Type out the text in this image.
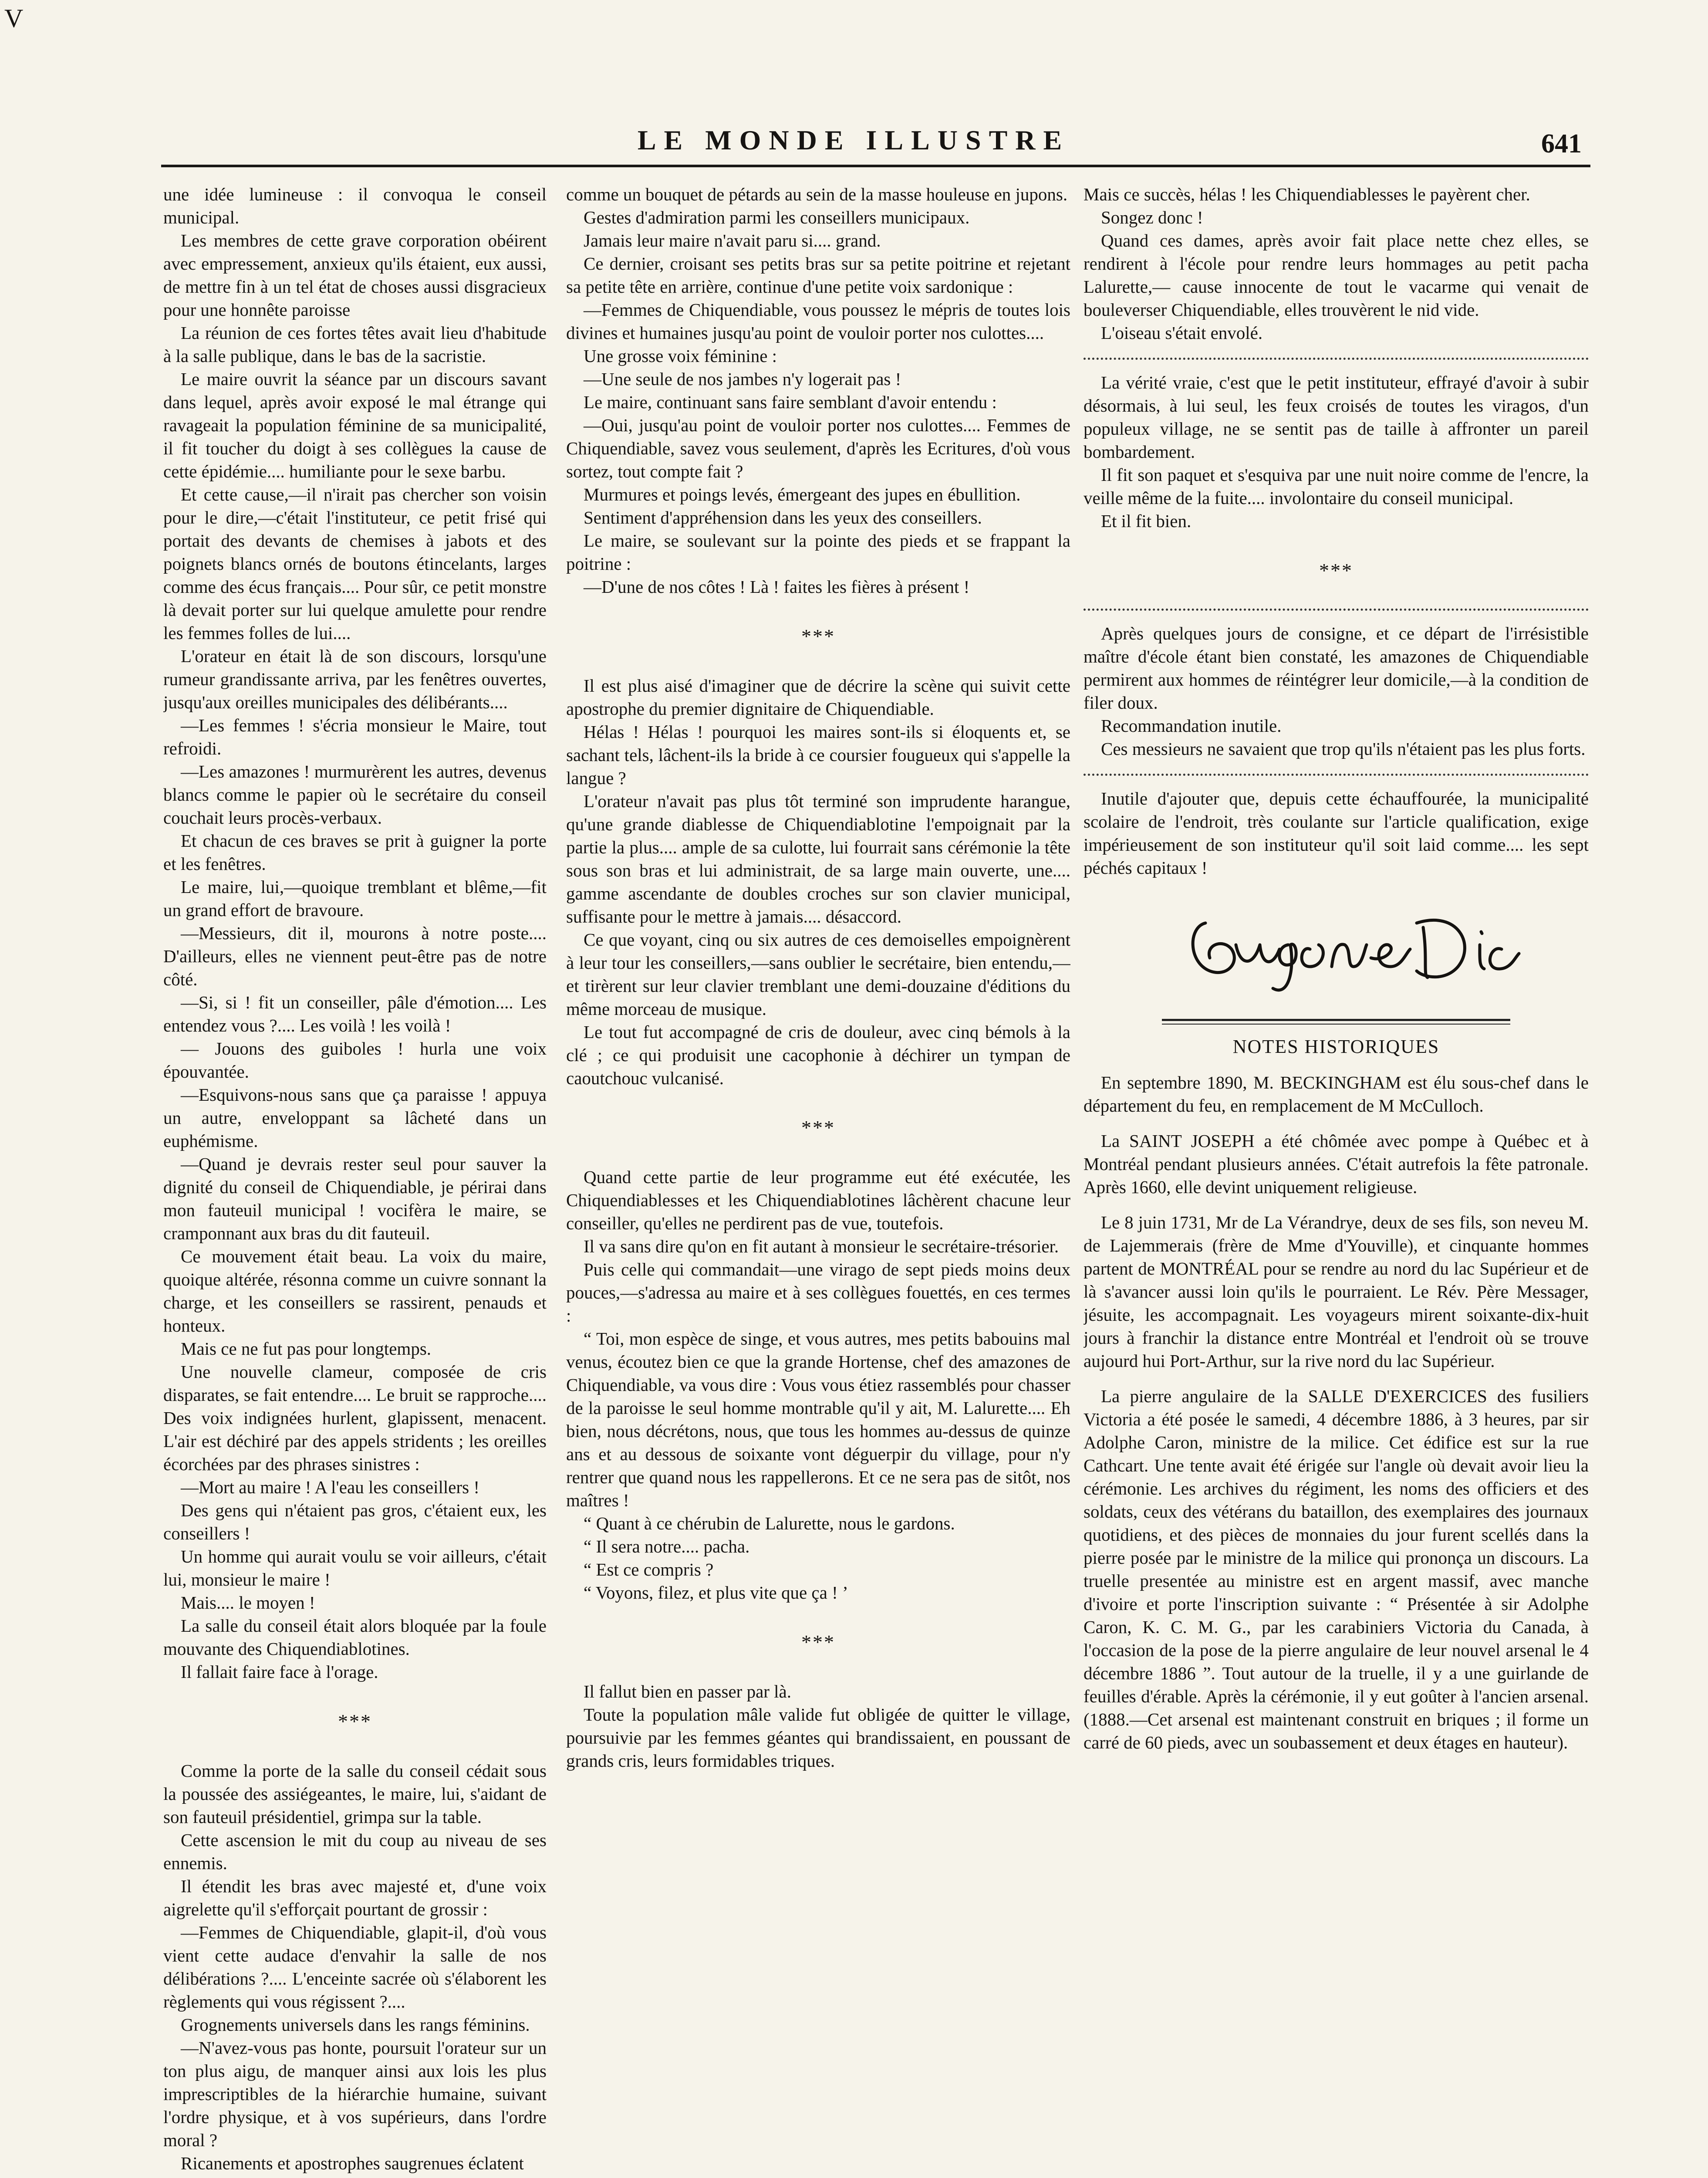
V
LE MONDE ILLUSTRE	641

une idée lumineuse : il convoqua le conseil municipal.

Les membres de cette grave corporation obéirent avec empressement, anxieux qu'ils étaient, eux aussi, de mettre fin à un tel état de choses aussi disgracieux pour une honnête paroisse

La réunion de ces fortes têtes avait lieu d'habitude à la salle publique, dans le bas de la sacristie.

Le maire ouvrit la séance par un discours savant dans lequel, après avoir exposé le mal étrange qui ravageait la population féminine de sa municipalité, il fit toucher du doigt à ses collègues la cause de cette épidémie.... humiliante pour le sexe barbu.

Et cette cause,—il n'irait pas chercher son voisin pour le dire,—c'était l'instituteur, ce petit frisé qui portait des devants de chemises à jabots et des poignets blancs ornés de boutons étincelants, larges comme des écus français.... Pour sûr, ce petit monstre là devait porter sur lui quelque amulette pour rendre les femmes folles de lui....

L'orateur en était là de son discours, lorsqu'une rumeur grandissante arriva, par les fenêtres ouvertes, jusqu'aux oreilles municipales des délibérants....

—Les femmes ! s'écria monsieur le Maire, tout refroidi.

—Les amazones ! murmurèrent les autres, devenus blancs comme le papier où le secrétaire du conseil couchait leurs procès-verbaux.

Et chacun de ces braves se prit à guigner la porte et les fenêtres.

Le maire, lui,—quoique tremblant et blême,—fit un grand effort de bravoure.

—Messieurs, dit il, mourons à notre poste.... D'ailleurs, elles ne viennent peut-être pas de notre côté.

—Si, si ! fit un conseiller, pâle d'émotion.... Les entendez vous ?.... Les voilà ! les voilà !

— Jouons des guiboles ! hurla une voix épouvantée.

—Esquivons-nous sans que ça paraisse ! appuya un autre, enveloppant sa lâcheté dans un euphémisme.

—Quand je devrais rester seul pour sauver la dignité du conseil de Chiquendiable, je périrai dans mon fauteuil municipal ! vocifèra le maire, se cramponnant aux bras du dit fauteuil.

Ce mouvement était beau. La voix du maire, quoique altérée, résonna comme un cuivre sonnant la charge, et les conseillers se rassirent, penauds et honteux.

Mais ce ne fut pas pour longtemps.

Une nouvelle clameur, composée de cris disparates, se fait entendre.... Le bruit se rapproche.... Des voix indignées hurlent, glapissent, menacent. L'air est déchiré par des appels stridents ; les oreilles écorchées par des phrases sinistres :

—Mort au maire ! A l'eau les conseillers !

Des gens qui n'étaient pas gros, c'étaient eux, les conseillers !

Un homme qui aurait voulu se voir ailleurs, c'était lui, monsieur le maire !

Mais.... le moyen !

La salle du conseil était alors bloquée par la foule mouvante des Chiquendiablotines.

Il fallait faire face à l'orage.

***

Comme la porte de la salle du conseil cédait sous la poussée des assiégeantes, le maire, lui, s'aidant de son fauteuil présidentiel, grimpa sur la table.

Cette ascension le mit du coup au niveau de ses ennemis.

Il étendit les bras avec majesté et, d'une voix aigrelette qu'il s'efforçait pourtant de grossir :

—Femmes de Chiquendiable, glapit-il, d'où vous vient cette audace d'envahir la salle de nos délibérations ?.... L'enceinte sacrée où s'élaborent les règlements qui vous régissent ?....

Grognements universels dans les rangs féminins.

—N'avez-vous pas honte, poursuit l'orateur sur un ton plus aigu, de manquer ainsi aux lois les plus imprescriptibles de la hiérarchie humaine, suivant l'ordre physique, et à vos supérieurs, dans l'ordre moral ?

Ricanements et apostrophes saugrenues éclatent

comme un bouquet de pétards au sein de la masse houleuse en jupons.

Gestes d'admiration parmi les conseillers municipaux.

Jamais leur maire n'avait paru si.... grand.

Ce dernier, croisant ses petits bras sur sa petite poitrine et rejetant sa petite tête en arrière, continue d'une petite voix sardonique :

—Femmes de Chiquendiable, vous poussez le mépris de toutes lois divines et humaines jusqu'au point de vouloir porter nos culottes....

Une grosse voix féminine :

—Une seule de nos jambes n'y logerait pas !

Le maire, continuant sans faire semblant d'avoir entendu :

—Oui, jusqu'au point de vouloir porter nos culottes.... Femmes de Chiquendiable, savez vous seulement, d'après les Ecritures, d'où vous sortez, tout compte fait ?

Murmures et poings levés, émergeant des jupes en ébullition.

Sentiment d'appréhension dans les yeux des conseillers.

Le maire, se soulevant sur la pointe des pieds et se frappant la poitrine :

—D'une de nos côtes ! Là ! faites les fières à présent !

***

Il est plus aisé d'imaginer que de décrire la scène qui suivit cette apostrophe du premier dignitaire de Chiquendiable.

Hélas ! Hélas ! pourquoi les maires sont-ils si éloquents et, se sachant tels, lâchent-ils la bride à ce coursier fougueux qui s'appelle la langue ?

L'orateur n'avait pas plus tôt terminé son imprudente harangue, qu'une grande diablesse de Chiquendiablotine l'empoignait par la partie la plus.... ample de sa culotte, lui fourrait sans cérémonie la tête sous son bras et lui administrait, de sa large main ouverte, une.... gamme ascendante de doubles croches sur son clavier municipal, suffisante pour le mettre à jamais.... désaccord.

Ce que voyant, cinq ou six autres de ces demoiselles empoignèrent à leur tour les conseillers,—sans oublier le secrétaire, bien entendu,—et tirèrent sur leur clavier tremblant une demi-douzaine d'éditions du même morceau de musique.

Le tout fut accompagné de cris de douleur, avec cinq bémols à la clé ; ce qui produisit une cacophonie à déchirer un tympan de caoutchouc vulcanisé.

***

Quand cette partie de leur programme eut été exécutée, les Chiquendiablesses et les Chiquendiablotines lâchèrent chacune leur conseiller, qu'elles ne perdirent pas de vue, toutefois.

Il va sans dire qu'on en fit autant à monsieur le secrétaire-trésorier.

Puis celle qui commandait—une virago de sept pieds moins deux pouces,—s'adressa au maire et à ses collègues fouettés, en ces termes :

“ Toi, mon espèce de singe, et vous autres, mes petits babouins mal venus, écoutez bien ce que la grande Hortense, chef des amazones de Chiquendiable, va vous dire : Vous vous étiez rassemblés pour chasser de la paroisse le seul homme montrable qu'il y ait, M. Lalurette.... Eh bien, nous décrétons, nous, que tous les hommes au-dessus de quinze ans et au dessous de soixante vont déguerpir du village, pour n'y rentrer que quand nous les rappellerons. Et ce ne sera pas de sitôt, nos maîtres !

“ Quant à ce chérubin de Lalurette, nous le gardons.

“ Il sera notre.... pacha.

“ Est ce compris ?

“ Voyons, filez, et plus vite que ça ! ’

***

Il fallut bien en passer par là.

Toute la population mâle valide fut obligée de quitter le village, poursuivie par les femmes géantes qui brandissaient, en poussant de grands cris, leurs formidables triques.

Mais ce succès, hélas ! les Chiquendiablesses le payèrent cher.

Songez donc !

Quand ces dames, après avoir fait place nette chez elles, se rendirent à l'école pour rendre leurs hommages au petit pacha Lalurette,— cause innocente de tout le vacarme qui venait de bouleverser Chiquendiable, elles trouvèrent le nid vide.

L'oiseau s'était envolé.

La vérité vraie, c'est que le petit instituteur, effrayé d'avoir à subir désormais, à lui seul, les feux croisés de toutes les viragos, d'un populeux village, ne se sentit pas de taille à affronter un pareil bombardement.

Il fit son paquet et s'esquiva par une nuit noire comme de l'encre, la veille même de la fuite.... involontaire du conseil municipal.

Et il fit bien.

***

Après quelques jours de consigne, et ce départ de l'irrésistible maître d'école étant bien constaté, les amazones de Chiquendiable permirent aux hommes de réintégrer leur domicile,—à la condition de filer doux.

Recommandation inutile.

Ces messieurs ne savaient que trop qu'ils n'étaient pas les plus forts.

Inutile d'ajouter que, depuis cette échauffourée, la municipalité scolaire de l'endroit, très coulante sur l'article qualification, exige impérieusement de son instituteur qu'il soit laid comme.... les sept péchés capitaux !

NOTES HISTORIQUES

En septembre 1890, M. BECKINGHAM est élu sous-chef dans le département du feu, en remplacement de M McCulloch.

La SAINT JOSEPH a été chômée avec pompe à Québec et à Montréal pendant plusieurs années. C'était autrefois la fête patronale. Après 1660, elle devint uniquement religieuse.

Le 8 juin 1731, Mr de La Vérandrye, deux de ses fils, son neveu M. de Lajemmerais (frère de Mme d'Youville), et cinquante hommes partent de MONTRÉAL pour se rendre au nord du lac Supérieur et de là s'avancer aussi loin qu'ils le pourraient. Le Rév. Père Messager, jésuite, les accompagnait. Les voyageurs mirent soixante-dix-huit jours à franchir la distance entre Montréal et l'endroit où se trouve aujourd hui Port-Arthur, sur la rive nord du lac Supérieur.

La pierre angulaire de la SALLE D'EXERCICES des fusiliers Victoria a été posée le samedi, 4 décembre 1886, à 3 heures, par sir Adolphe Caron, ministre de la milice. Cet édifice est sur la rue Cathcart. Une tente avait été érigée sur l'angle où devait avoir lieu la cérémonie. Les archives du régiment, les noms des officiers et des soldats, ceux des vétérans du bataillon, des exemplaires des journaux quotidiens, et des pièces de monnaies du jour furent scellés dans la pierre posée par le ministre de la milice qui prononça un discours. La truelle presentée au ministre est en argent massif, avec manche d'ivoire et porte l'inscription suivante : “ Présentée à sir Adolphe Caron, K. C. M. G., par les carabiniers Victoria du Canada, à l'occasion de la pose de la pierre angulaire de leur nouvel arsenal le 4 décembre 1886 ”. Tout autour de la truelle, il y a une guirlande de feuilles d'érable. Après la cérémonie, il y eut goûter à l'ancien arsenal. (1888.—Cet arsenal est maintenant construit en briques ; il forme un carré de 60 pieds, avec un soubassement et deux étages en hauteur).
